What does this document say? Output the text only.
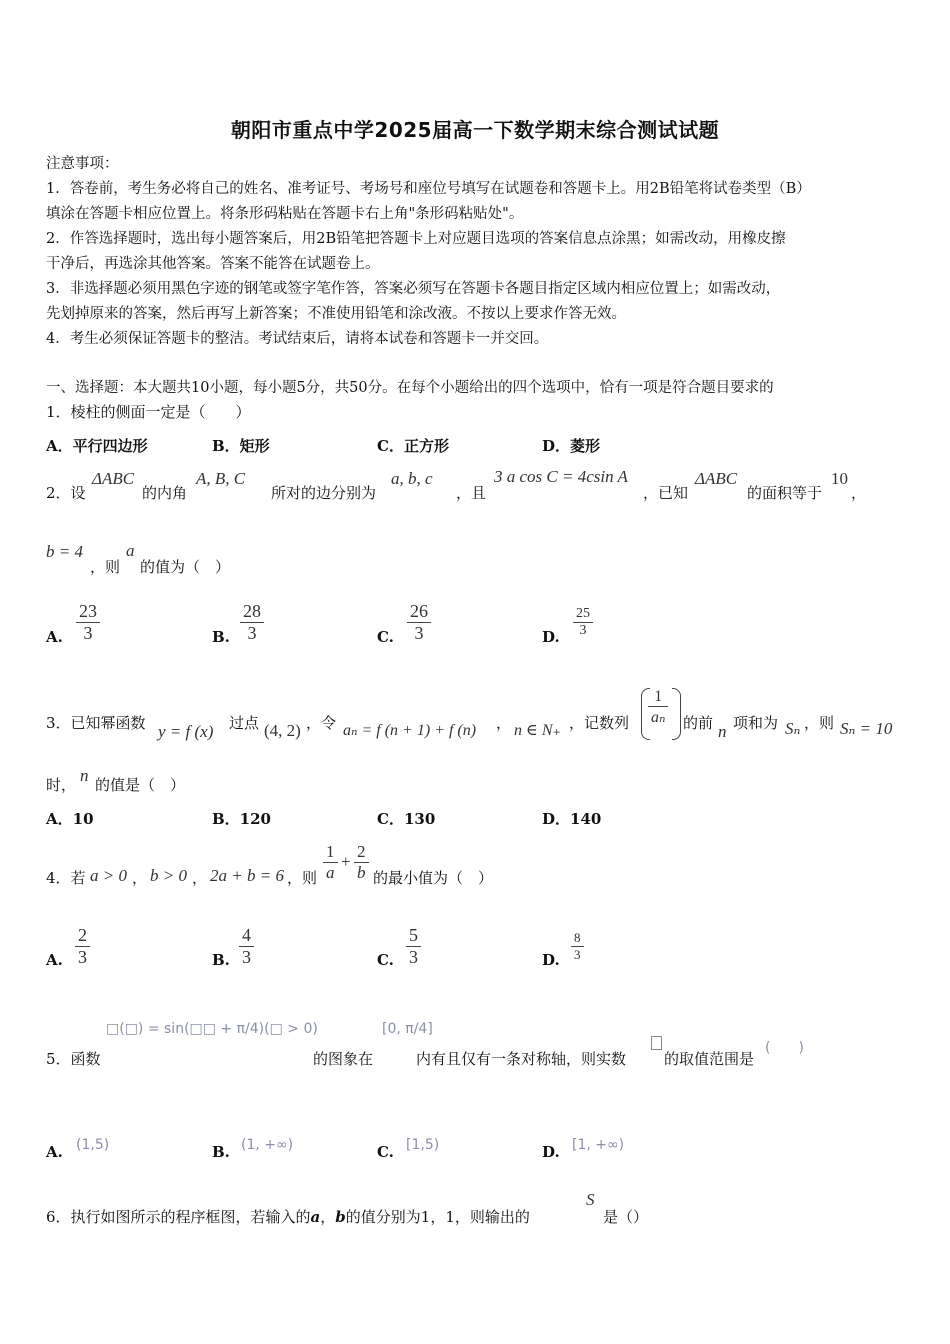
朝阳市重点中学2025届高一下数学期末综合测试试题
注意事项：
1．答卷前，考生务必将自己的姓名、准考证号、考场号和座位号填写在试题卷和答题卡上。用2B铅笔将试卷类型（B）
填涂在答题卡相应位置上。将条形码粘贴在答题卡右上角"条形码粘贴处"。
2．作答选择题时，选出每小题答案后，用2B铅笔把答题卡上对应题目选项的答案信息点涂黑；如需改动，用橡皮擦
干净后，再选涂其他答案。答案不能答在试题卷上。
3．非选择题必须用黑色字迹的钢笔或签字笔作答，答案必须写在答题卡各题目指定区域内相应位置上；如需改动，
先划掉原来的答案，然后再写上新答案；不准使用铅笔和涂改液。不按以上要求作答无效。
4．考生必须保证答题卡的整洁。考试结束后，请将本试卷和答题卡一并交回。
一、选择题：本大题共10小题，每小题5分，共50分。在每个小题给出的四个选项中，恰有一项是符合题目要求的
1．棱柱的侧面一定是（　　）
A．平行四边形	B．矩形	C．正方形	D．菱形
2．设
ΔABC
的内角
A, B, C
所对的边分别为
a, b, c
，且
3 a cos C = 4csin A
，已知
ΔABC
的面积等于
10
，
b = 4
，则
a
的值为（　）
A.
23
3	B.
28
3	C.
26
3	D.
25
3
3．已知幂函数 y = f (x) 过点 (4, 2) ，令 aₙ = f (n + 1) + f (n) ， n ∈ N₊ ，记数列
1
aₙ 的前 n 项和为 Sₙ ，则 Sₙ = 10
时， n 的值是（　）
A．10	B．120	C．130	D．140
4．若 a > 0 ， b > 0 ， 2a + b = 6 ，则
1
a
+
2
b 的最小值为（　）
A.
2
3	B.
4
3	C.
5
3	D.
8
3
□(□) = sin(□□ + π/4)(□ > 0)	[0, π/4]
5．函数	的图象在	内有且仅有一条对称轴，则实数	的取值范围是
(　　)
A. (1,5)	B. (1, +∞)	C. [1,5)	D. [1, +∞)
6．执行如图所示的程序框图，若输入的a，b的值分别为1，1，则输出的
S
是（）
